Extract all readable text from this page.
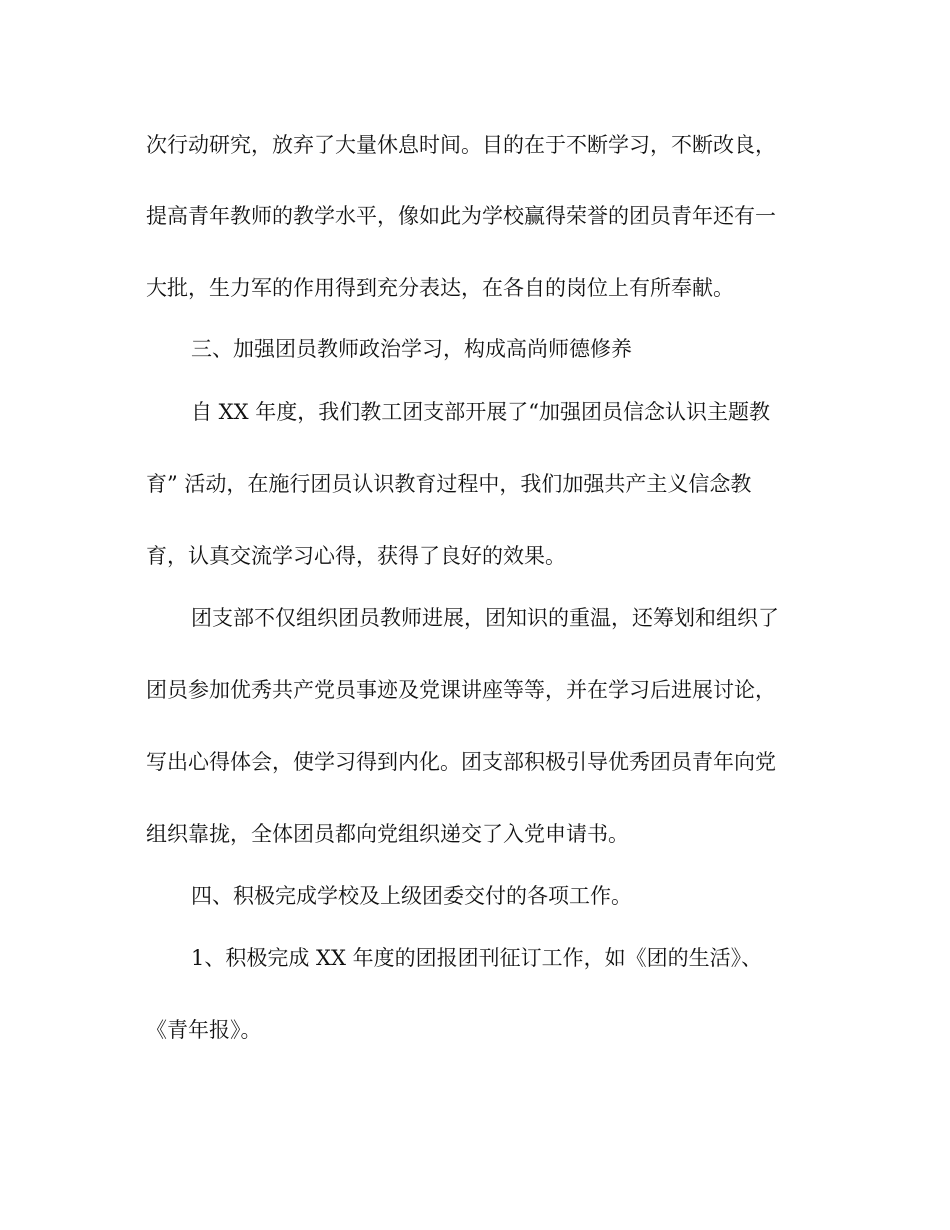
次行动研究，放弃了大量休息时间。目的在于不断学习，不断改良，
提高青年教师的教学水平，像如此为学校赢得荣誉的团员青年还有一
大批，生力军的作用得到充分表达，在各自的岗位上有所奉献。
三、加强团员教师政治学习，构成高尚师德修养
自 XX 年度，我们教工团支部开展了“加强团员信念认识主题教
育” 活动，在施行团员认识教育过程中，我们加强共产主义信念教
育，认真交流学习心得，获得了良好的效果。
团支部不仅组织团员教师进展，团知识的重温，还筹划和组织了
团员参加优秀共产党员事迹及党课讲座等等，并在学习后进展讨论，
写出心得体会，使学习得到内化。团支部积极引导优秀团员青年向党
组织靠拢，全体团员都向党组织递交了入党申请书。
四、积极完成学校及上级团委交付的各项工作。
1、积极完成 XX 年度的团报团刊征订工作，如《团的生活》、
《青年报》。
